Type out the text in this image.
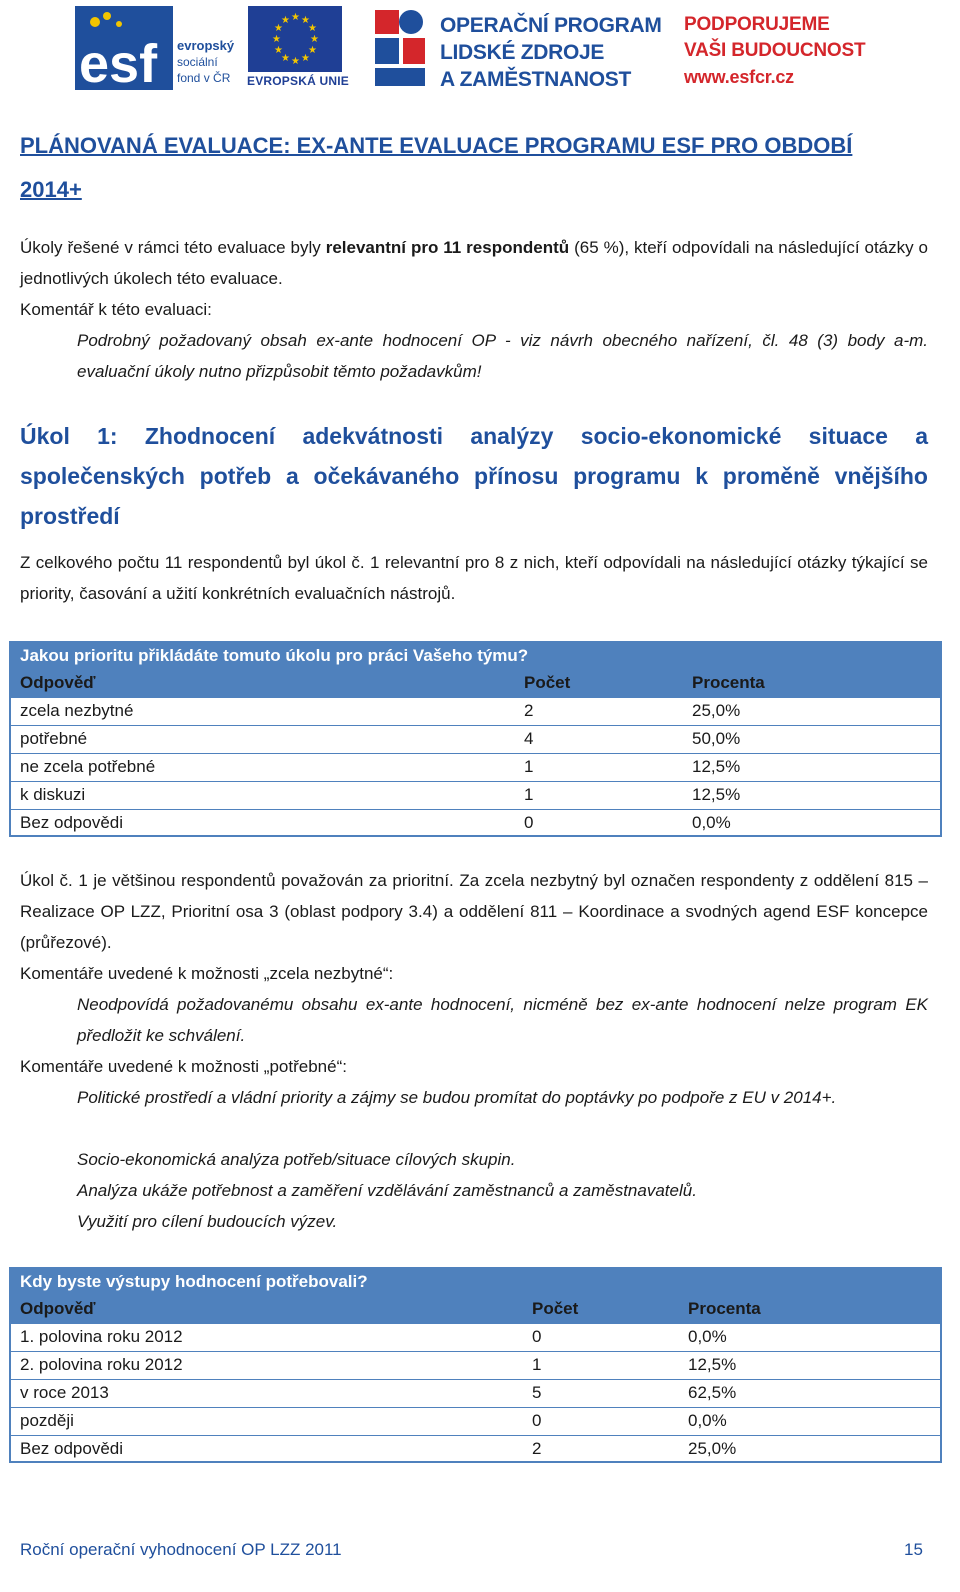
esf evropský
sociální
fond v ČR
★ ★
★
★
★
★
★
★
★
★
★
★
EVROPSKÁ UNIE
OPERAČNÍ PROGRAM
LIDSKÉ ZDROJE
A ZAMĚSTNANOST
PODPORUJEME
VAŠI BUDOUCNOST
www.esfcr.cz
PLÁNOVANÁ EVALUACE: EX-ANTE EVALUACE PROGRAMU ESF PRO OBDOBÍ
2014+
Úkoly řešené v rámci této evaluace byly relevantní pro 11 respondentů (65 %), kteří odpovídali na následující otázky o jednotlivých úkolech této evaluace.
Komentář k této evaluaci:
Podrobný požadovaný obsah ex-ante hodnocení OP - viz návrh obecného nařízení, čl. 48 (3) body a-m. evaluační úkoly nutno přizpůsobit těmto požadavkům!
Úkol 1: Zhodnocení adekvátnosti analýzy socio-ekonomické situace a společenských potřeb a očekávaného přínosu programu k proměně vnějšího prostředí
Z celkového počtu 11 respondentů byl úkol č. 1 relevantní pro 8 z nich, kteří odpovídali na následující otázky týkající se priority, časování a užití konkrétních evaluačních nástrojů.
Jakou prioritu přikládáte tomuto úkolu pro práci Vašeho týmu?
Odpověď	Počet	Procenta
zcela nezbytné	2	25,0%
potřebné	4	50,0%
ne zcela potřebné	1	12,5%
k diskuzi	1	12,5%
Bez odpovědi	0	0,0%
Úkol č. 1 je většinou respondentů považován za prioritní. Za zcela nezbytný byl označen respondenty z oddělení 815 – Realizace OP LZZ, Prioritní osa 3 (oblast podpory 3.4) a oddělení 811 – Koordinace a svodných agend ESF koncepce (průřezové).
Komentáře uvedené k možnosti „zcela nezbytné“:
Neodpovídá požadovanému obsahu ex-ante hodnocení, nicméně bez ex-ante hodnocení nelze program EK předložit ke schválení.
Komentáře uvedené k možnosti „potřebné“:
Politické prostředí a vládní priority a zájmy se budou promítat do poptávky po podpoře z EU v 2014+.
Socio-ekonomická analýza potřeb/situace cílových skupin.
Analýza ukáže potřebnost a zaměření vzdělávání zaměstnanců a zaměstnavatelů.
Využití pro cílení budoucích výzev.
Kdy byste výstupy hodnocení potřebovali?
Odpověď	Počet	Procenta
1. polovina roku 2012	0	0,0%
2. polovina roku 2012	1	12,5%
v roce 2013	5	62,5%
později	0	0,0%
Bez odpovědi	2	25,0%
Roční operační vyhodnocení OP LZZ 2011	15
